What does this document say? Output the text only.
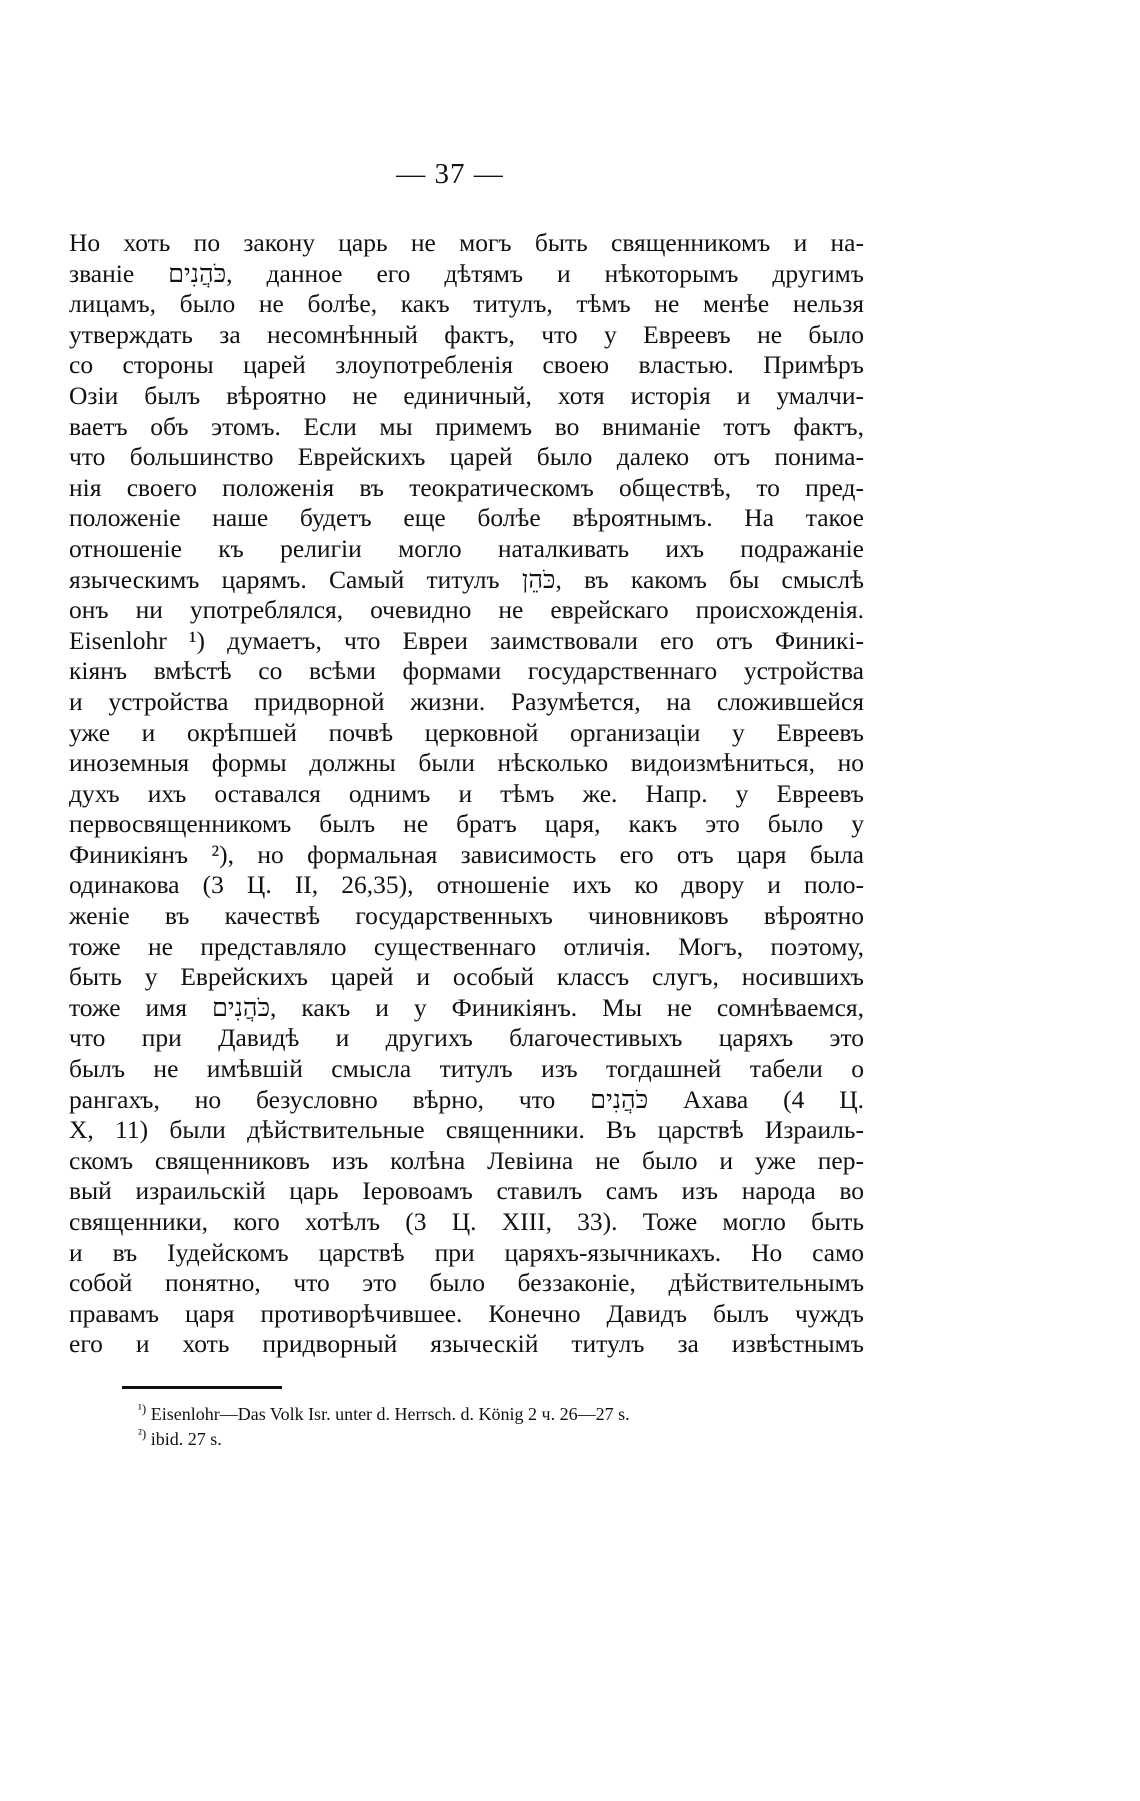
— 37 —
Но хоть по закону царь не могъ быть священникомъ и на-
званіе כֹּהֲנִים, данное его дѣтямъ и нѣкоторымъ другимъ
лицамъ, было не болѣе, какъ титулъ, тѣмъ не менѣе нельзя
утверждать за несомнѣнный фактъ, что у Евреевъ не было
со стороны царей злоупотребленія своею властью. Примѣръ
Озіи былъ вѣроятно не единичный, хотя исторія и умалчи-
ваетъ объ этомъ. Если мы примемъ во вниманіе тотъ фактъ,
что большинство Еврейскихъ царей было далеко отъ понима-
нія своего положенія въ теократическомъ обществѣ, то пред-
положеніе наше будетъ еще болѣе вѣроятнымъ. На такое
отношеніе къ религіи могло наталкивать ихъ подражаніе
языческимъ царямъ. Самый титулъ כֹּהֵן, въ какомъ бы смыслѣ
онъ ни употреблялся, очевидно не еврейскаго происхожденія.
Eisenlohr ¹) думаетъ, что Евреи заимствовали его отъ Финикі-
кіянъ вмѣстѣ со всѣми формами государственнаго устройства
и устройства придворной жизни. Разумѣется, на сложившейся
уже и окрѣпшей почвѣ церковной организаціи у Евреевъ
иноземныя формы должны были нѣсколько видоизмѣниться, но
духъ ихъ оставался однимъ и тѣмъ же. Напр. у Евреевъ
первосвященникомъ былъ не братъ царя, какъ это было у
Финикіянъ ²), но формальная зависимость его отъ царя была
одинакова (3 Ц. II, 26,35), отношеніе ихъ ко двору и поло-
женіе въ качествѣ государственныхъ чиновниковъ вѣроятно
тоже не представляло существеннаго отличія. Могъ, поэтому,
быть у Еврейскихъ царей и особый классъ слугъ, носившихъ
тоже имя כֹּהֲנִים, какъ и у Финикіянъ. Мы не сомнѣваемся,
что при Давидѣ и другихъ благочестивыхъ царяхъ это
былъ не имѣвшій смысла титулъ изъ тогдашней табели о
рангахъ, но безусловно вѣрно, что כֹּהֲנִים Ахава (4 Ц.
X, 11) были дѣйствительные священники. Въ царствѣ Израиль-
скомъ священниковъ изъ колѣна Левіина не было и уже пер-
вый израильскій царь Іеровоамъ ставилъ самъ изъ народа во
священники, кого хотѣлъ (3 Ц. XIII, 33). Тоже могло быть
и въ Іудейскомъ царствѣ при царяхъ-язычникахъ. Но само
собой понятно, что это было беззаконіе, дѣйствительнымъ
правамъ царя противорѣчившее. Конечно Давидъ былъ чуждъ
его и хоть придворный языческій титулъ за извѣстнымъ
$^{^1)}$ Eisenlohr—Das Volk Isr. unter d. Herrsch. d. König 2 ч. 26—27 s.
$^{^2)}$ ibid. 27 s.
